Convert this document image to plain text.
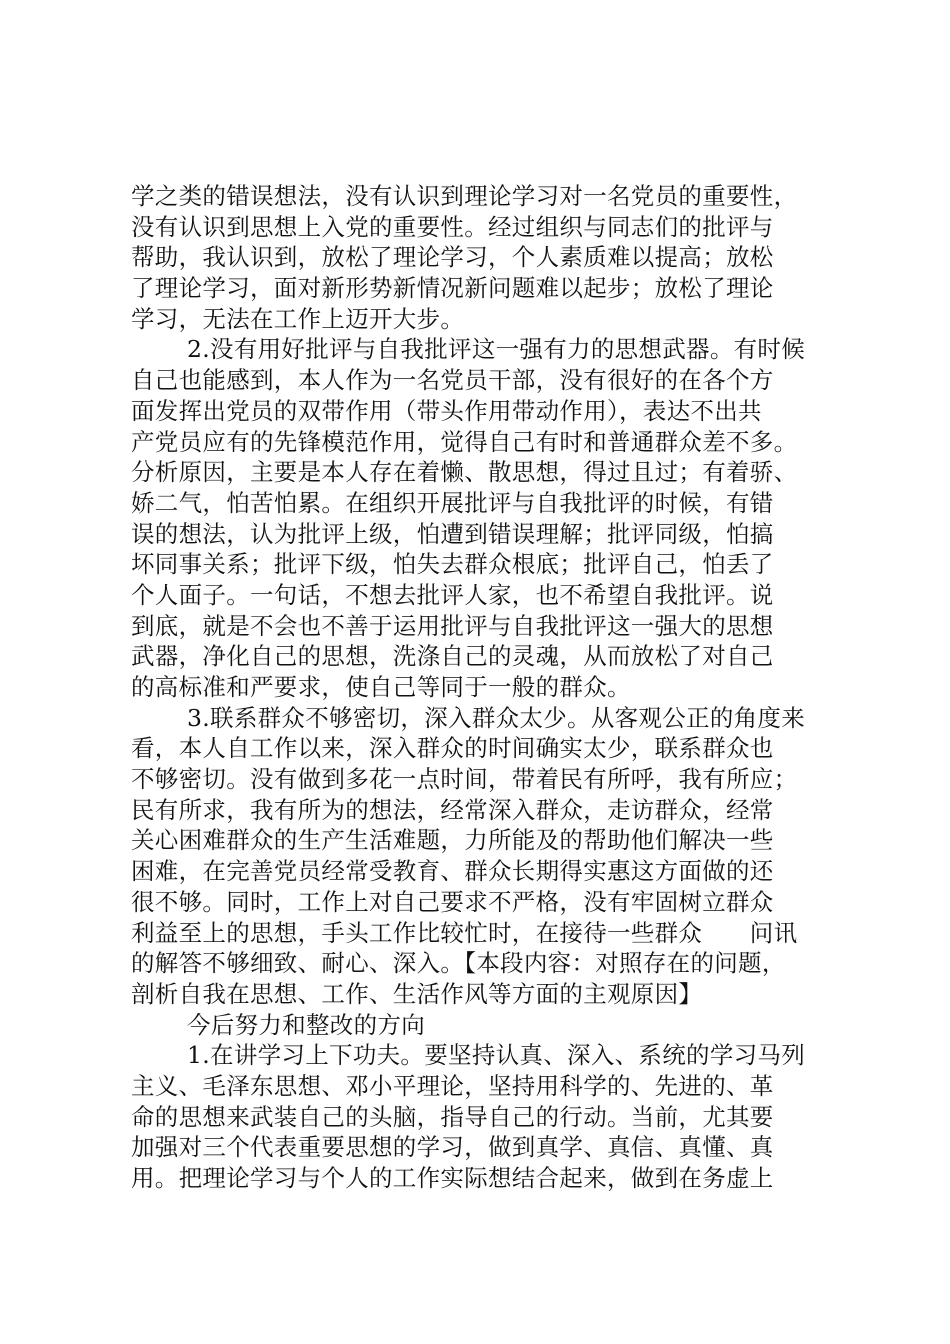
学之类的错误想法，没有认识到理论学习对一名党员的重要性，
没有认识到思想上入党的重要性。经过组织与同志们的批评与
帮助，我认识到，放松了理论学习，个人素质难以提高；放松
了理论学习，面对新形势新情况新问题难以起步；放松了理论
学习，无法在工作上迈开大步。
2.没有用好批评与自我批评这一强有力的思想武器。有时候
自己也能感到，本人作为一名党员干部，没有很好的在各个方
面发挥出党员的双带作用（带头作用带动作用），表达不出共
产党员应有的先锋模范作用，觉得自己有时和普通群众差不多。
分析原因，主要是本人存在着懒、散思想，得过且过；有着骄、
娇二气，怕苦怕累。在组织开展批评与自我批评的时候，有错
误的想法，认为批评上级，怕遭到错误理解；批评同级，怕搞
坏同事关系；批评下级，怕失去群众根底；批评自己，怕丢了
个人面子。一句话，不想去批评人家，也不希望自我批评。说
到底，就是不会也不善于运用批评与自我批评这一强大的思想
武器，净化自己的思想，洗涤自己的灵魂，从而放松了对自己
的高标准和严要求，使自己等同于一般的群众。
3.联系群众不够密切，深入群众太少。从客观公正的角度来
看，本人自工作以来，深入群众的时间确实太少，联系群众也
不够密切。没有做到多花一点时间，带着民有所呼，我有所应；
民有所求，我有所为的想法，经常深入群众，走访群众，经常
关心困难群众的生产生活难题，力所能及的帮助他们解决一些
困难，在完善党员经常受教育、群众长期得实惠这方面做的还
很不够。同时，工作上对自己要求不严格，没有牢固树立群众
利益至上的思想，手头工作比较忙时，在接待一些群众　　问讯
的解答不够细致、耐心、深入。【本段内容：对照存在的问题，
剖析自我在思想、工作、生活作风等方面的主观原因】
今后努力和整改的方向
1.在讲学习上下功夫。要坚持认真、深入、系统的学习马列
主义、毛泽东思想、邓小平理论，坚持用科学的、先进的、革
命的思想来武装自己的头脑，指导自己的行动。当前，尤其要
加强对三个代表重要思想的学习，做到真学、真信、真懂、真
用。把理论学习与个人的工作实际想结合起来，做到在务虚上
